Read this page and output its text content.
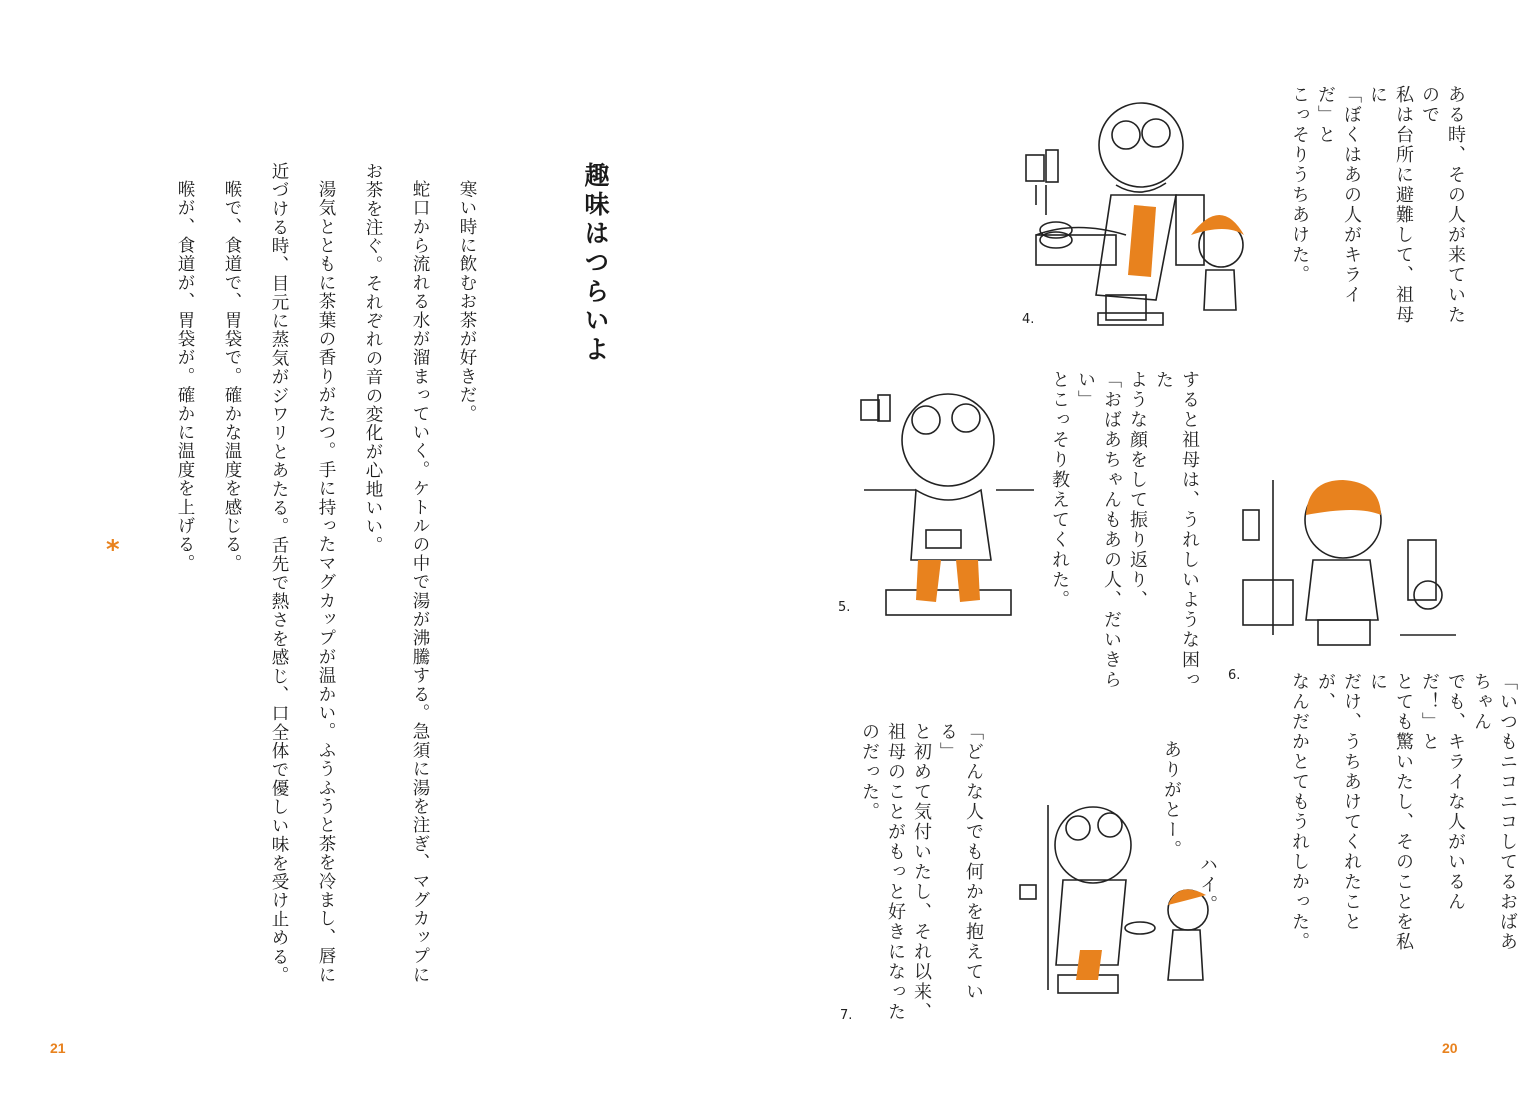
趣味はつらいよ

寒い時に飲むお茶が好きだ。

蛇口から流れる水が溜まっていく。ケトルの中で湯が沸騰する。急須に湯を注ぎ、マグカップにお茶を注ぐ。それぞれの音の変化が心地いい。

湯気とともに茶葉の香りがたつ。手に持ったマグカップが温かい。ふうふうと茶を冷まし、唇に近づける時、目元に蒸気がジワリとあたる。舌先で熱さを感じ、口全体で優しい味を受け止める。

喉で、食道で、胃袋で。確かな温度を感じる。

喉が、食道が、胃袋が。確かに温度を上げる。

*
21
4.	ある時、その人が来ていたので
私は台所に避難して、祖母に
「ぼくはあの人がキライだ」と
こっそりうちあけた。
5.	すると祖母は、うれしいような困った
ような顔をして振り返り、
「おばあちゃんもあの人、だいきらい」
とこっそり教えてくれた。
6.	「いつもニコニコしてるおばあちゃん
でも、キライな人がいるんだ！」と
とても驚いたし、そのことを私に
だけ、うちあけてくれたことが、
なんだかとてもうれしかった。
7.
ありがとー。
ハイ。
「どんな人でも何かを抱えている」
と初めて気付いたし、それ以来、
祖母のことがもっと好きになった
のだった。
20
